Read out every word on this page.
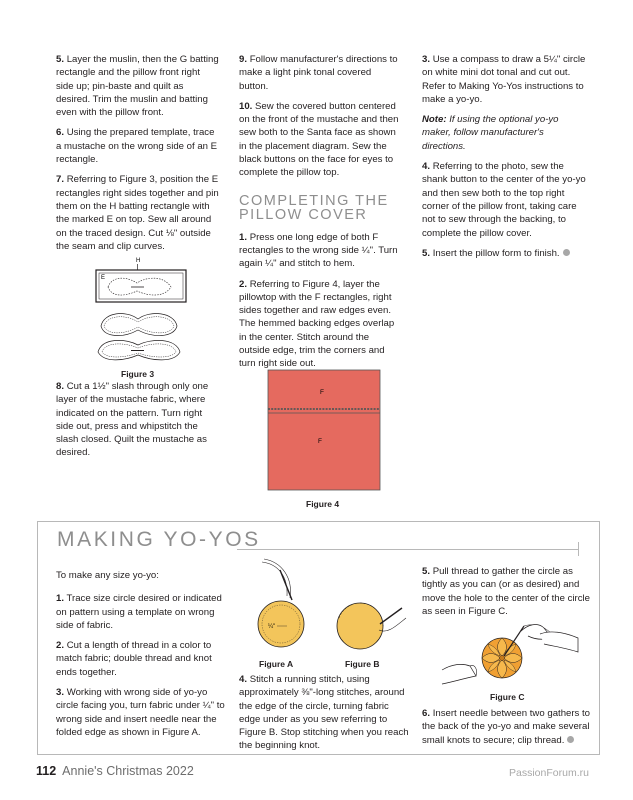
5. Layer the muslin, then the G batting rectangle and the pillow front right side up; pin-baste and quilt as desired. Trim the muslin and batting even with the pillow front.

6. Using the prepared template, trace a mustache on the wrong side of an E rectangle.

7. Referring to Figure 3, position the E rectangles right sides together and pin them on the H batting rectangle with the marked E on top. Sew all around on the traced design. Cut ⅛" outside the seam and clip curves.

H
E
Figure 3

8. Cut a 1½" slash through only one layer of the mustache fabric, where indicated on the pattern. Turn right side out, press and whipstitch the slash closed. Quilt the mustache as desired.

9. Follow manufacturer's directions to make a light pink tonal covered button.

10. Sew the covered button centered on the front of the mustache and then sew both to the Santa face as shown in the placement diagram. Sew the black buttons on the face for eyes to complete the pillow top.

COMPLETING THE
PILLOW COVER

1. Press one long edge of both F rectangles to the wrong side ¼". Turn again ¼" and stitch to hem.

2. Referring to Figure 4, layer the pillowtop with the F rectangles, right sides together and raw edges even. The hemmed backing edges overlap in the center. Stitch around the outside edge, trim the corners and turn right side out.

F
F
Figure 4

3. Use a compass to draw a 5¼" circle on white mini dot tonal and cut out. Refer to Making Yo-Yos instructions to make a yo-yo.

Note: If using the optional yo-yo maker, follow manufacturer's directions.

4. Referring to the photo, sew the shank button to the center of the yo-yo and then sew both to the top right corner of the pillow front, taking care not to sew through the backing, to complete the pillow cover.

5. Insert the pillow form to finish.

MAKING YO-YOS

To make any size yo-yo:

1. Trace size circle desired or indicated on pattern using a template on wrong side of fabric.

2. Cut a length of thread in a color to match fabric; double thread and knot ends together.

3. Working with wrong side of yo-yo circle facing you, turn fabric under ¼" to wrong side and insert needle near the folded edge as shown in Figure A.

¼"
Figure A	Figure B

4. Stitch a running stitch, using approximately ⅜"-long stitches, around the edge of the circle, turning fabric edge under as you sew referring to Figure B. Stop stitching when you reach the beginning knot.

5. Pull thread to gather the circle as tightly as you can (or as desired) and move the hole to the center of the circle as seen in Figure C.

Figure C

6. Insert needle between two gathers to the back of the yo-yo and make several small knots to secure; clip thread.

112 Annie's Christmas 2022	PassionForum.ru
